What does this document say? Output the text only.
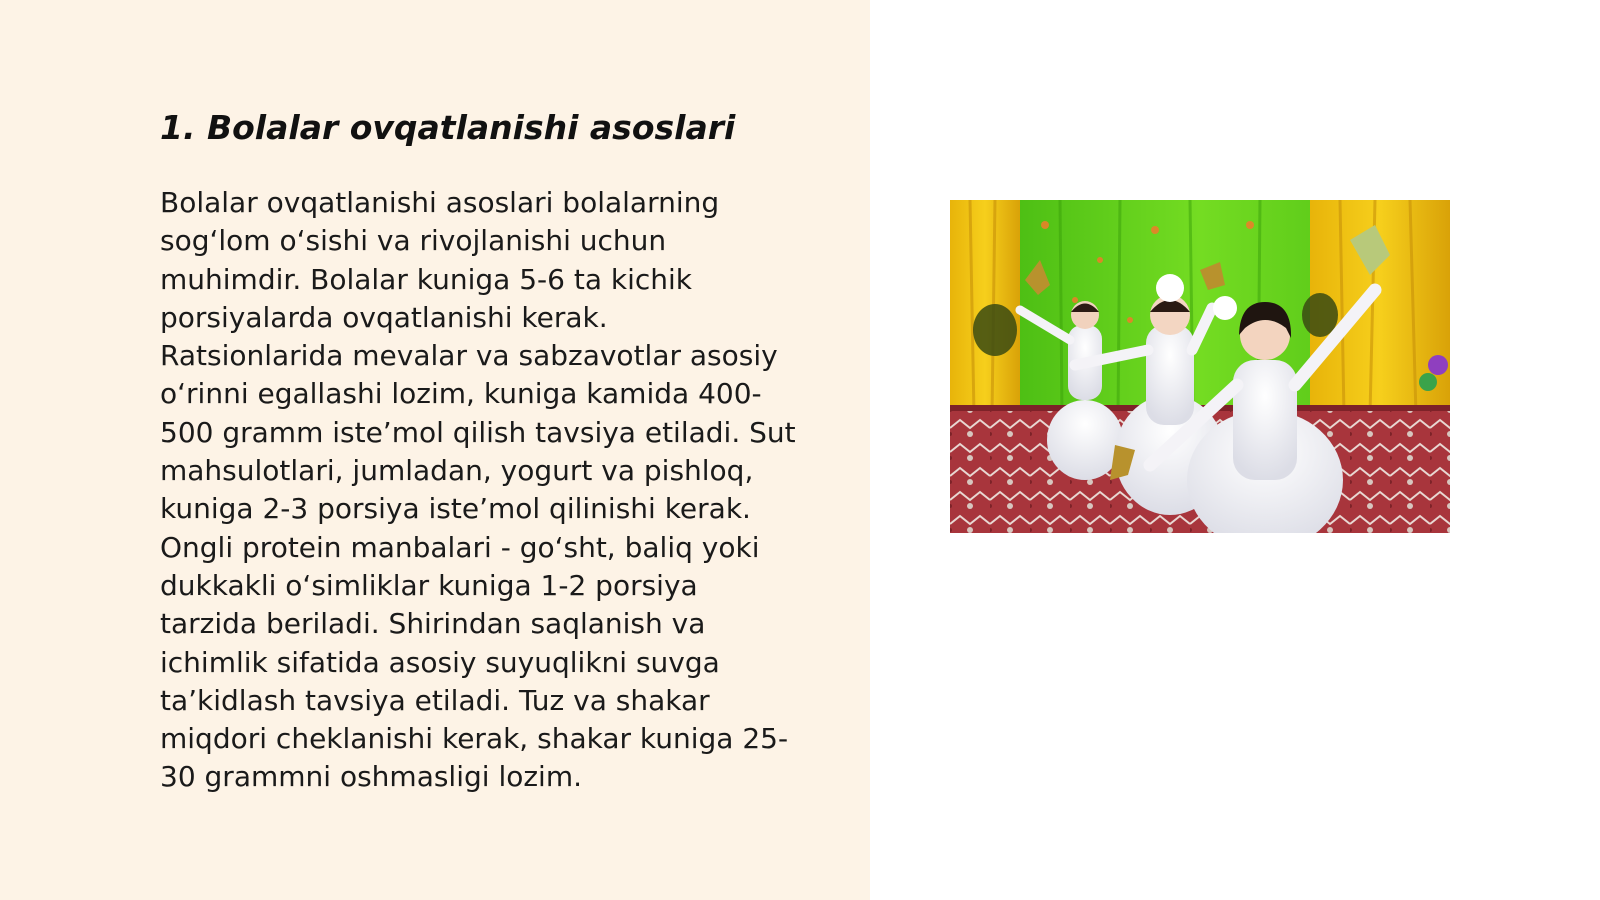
1. Bolalar ovqatlanishi asoslari

Bolalar ovqatlanishi asoslari bolalarning
sog‘lom o‘sishi va rivojlanishi uchun
muhimdir. Bolalar kuniga 5-6 ta kichik
porsiyalarda ovqatlanishi kerak.
Ratsionlarida mevalar va sabzavotlar asosiy
o‘rinni egallashi lozim, kuniga kamida 400-
500 gramm iste’mol qilish tavsiya etiladi. Sut
mahsulotlari, jumladan, yogurt va pishloq,
kuniga 2-3 porsiya iste’mol qilinishi kerak.
Ongli protein manbalari - go‘sht, baliq yoki
dukkakli o‘simliklar kuniga 1-2 porsiya
tarzida beriladi. Shirindan saqlanish va
ichimlik sifatida asosiy suyuqlikni suvga
ta’kidlash tavsiya etiladi. Tuz va shakar
miqdori cheklanishi kerak, shakar kuniga 25-
30 grammni oshmasligi lozim.
